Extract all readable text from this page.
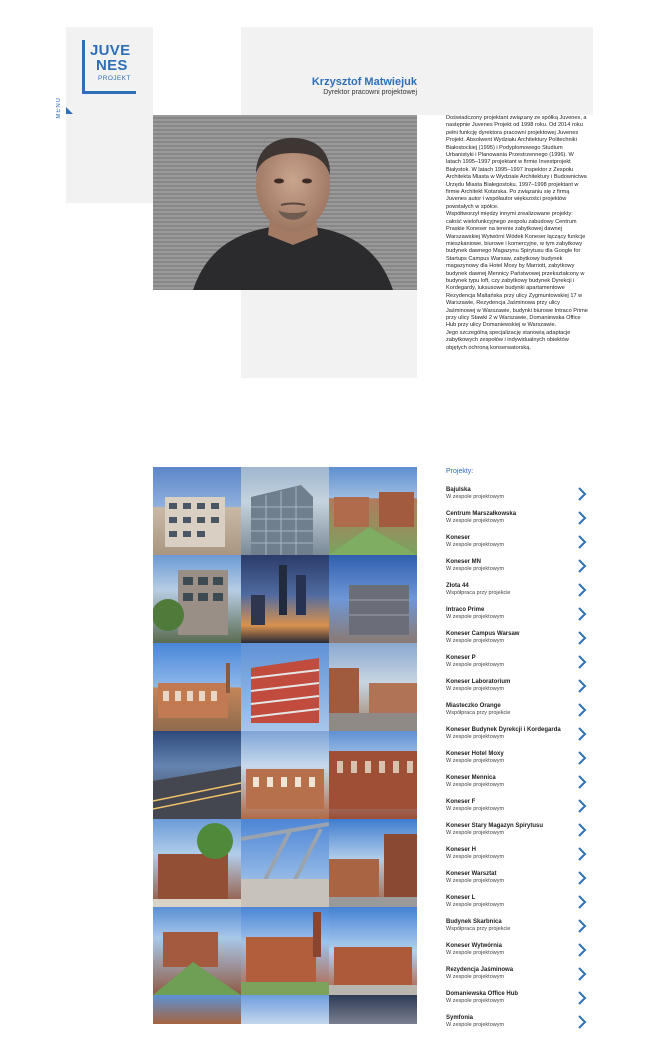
JUVE
NES
PROJEKT
MENU
Krzysztof Matwiejuk
Dyrektor pracowni projektowej

Doświadczony projektant związany ze spółką Juvenes, a następnie Juvenes Projekt od 1998 roku. Od 2014 roku pełni funkcję dyrektora pracowni projektowej Juvenes Projekt. Absolwent Wydziału Architektury Politechniki Białostockiej (1995) i Podyplomowego Studium Urbanistyki i Planowania Przestrzennego (1996). W latach 1995–1997 projektant w firmie Investprojekt Białystok. W latach 1995–1997 Inspektor z Zespołu Architekta Miasta w Wydziale Architektury i Budownictwa Urzędu Miasta Białegostoku. 1997–1998 projektant w firmie Architekt Kotarska. Po związaniu się z firmą Juvenes autor i współautor większości projektów powstałych w spółce.

Współtworzył między innymi zrealizowane projekty: całość wielofunkcyjnego zespołu zabudowy Centrum Praskie Koneser na terenie zabytkowej dawnej Warszawskiej Wytwórni Wódek Koneser łączący funkcje mieszkaniowe, biurowe i komercyjne, w tym zabytkowy budynek dawnego Magazynu Spirytusu dla Google for Startups Campus Warsaw, zabytkowy budynek magazynowy dla Hotel Moxy by Marriott, zabytkowy budynek dawnej Mennicy Państwowej przekształcony w budynek typu loft, czy zabytkowy budynek Dyrekcji i Kordegardy, luksusowe budynki apartamentowe Rezydencja Maltańska przy ulicy Zygmuntowskiej 17 w Warszawie, Rezydencja Jaśminowa przy ulicy Jaśminowej w Warszawie, budynki biurowe Intraco Prime przy ulicy Stawki 2 w Warszawie, Domaniewska Office Hub przy ulicy Domaniewskiej w Warszawie.

Jego szczególną specjalizację stanowią adaptacje zabytkowych zespołów i indywidualnych obiektów objętych ochroną konserwatorską.

Projekty:
Bajulska
W zespole projektowym
Centrum Marszałkowska
W zespole projektowym
Koneser
W zespole projektowym
Koneser MN
W zespole projektowym
Złota 44
Współpraca przy projekcie
Intraco Prime
W zespole projektowym
Koneser Campus Warsaw
W zespole projektowym
Koneser P
W zespole projektowym
Koneser Laboratorium
W zespole projektowym
Miasteczko Orange
Współpraca przy projekcie
Koneser Budynek Dyrekcji i Kordegarda
W zespole projektowym
Koneser Hotel Moxy
W zespole projektowym
Koneser Mennica
W zespole projektowym
Koneser F
W zespole projektowym
Koneser Stary Magazyn Spirytusu
W zespole projektowym
Koneser H
W zespole projektowym
Koneser Warsztat
W zespole projektowym
Koneser L
W zespole projektowym
Budynek Skarbnica
Współpraca przy projekcie
Koneser Wytwórnia
W zespole projektowym
Rezydencja Jaśminowa
W zespole projektowym
Domaniewska Office Hub
W zespole projektowym
Symfonia
W zespole projektowym
